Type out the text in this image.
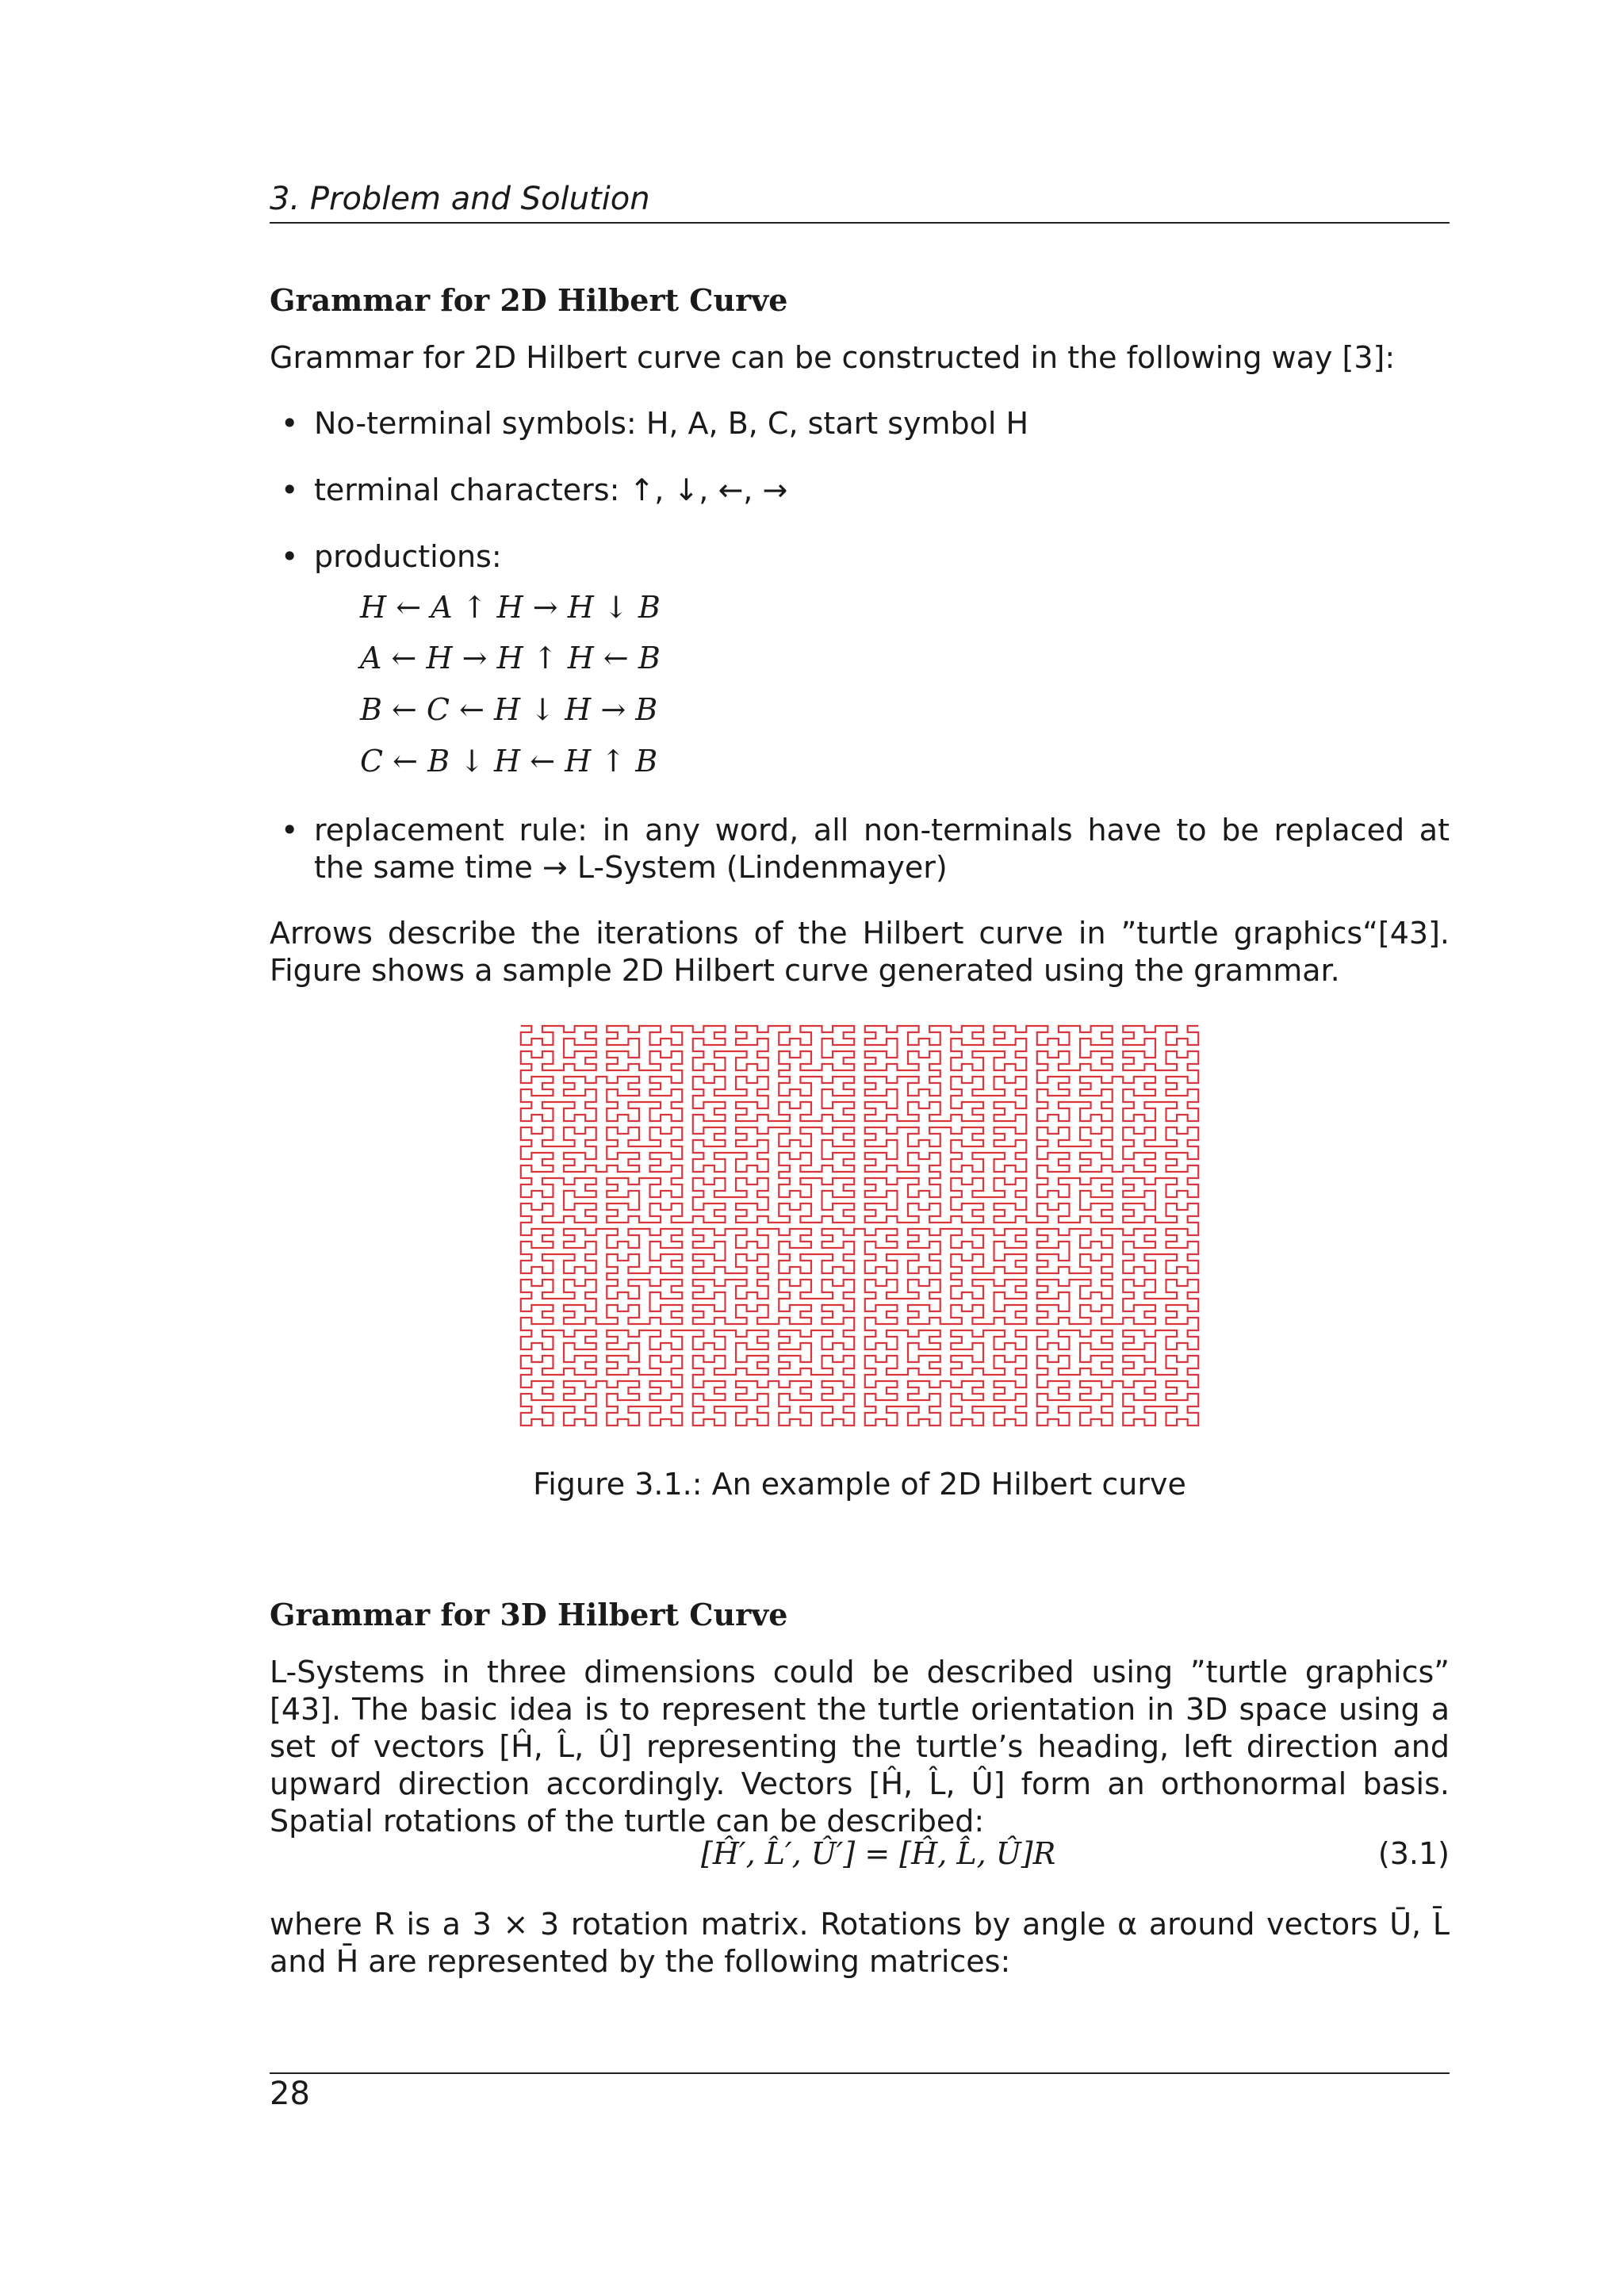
3. Problem and Solution
Grammar for 2D Hilbert Curve
Grammar for 2D Hilbert curve can be constructed in the following way [3]:
• No-terminal symbols: H, A, B, C, start symbol H
• terminal characters: ↑, ↓, ←, →
• productions:
H ← A ↑ H → H ↓ B
A ← H → H ↑ H ← B
B ← C ← H ↓ H → B
C ← B ↓ H ← H ↑ B
• replacement rule: in any word, all non-terminals have to be replaced at the same time → L-System (Lindenmayer)
Arrows describe the iterations of the Hilbert curve in ”turtle graphics“[43]. Figure shows a sample 2D Hilbert curve generated using the grammar.
Figure 3.1.: An example of 2D Hilbert curve
Grammar for 3D Hilbert Curve
L-Systems in three dimensions could be described using ”turtle graphics” [43]. The basic idea is to represent the turtle orientation in 3D space using a set of vectors [Ĥ, L̂, Û] representing the turtle’s heading, left direction and upward direction accordingly. Vectors [Ĥ, L̂, Û] form an orthonormal basis. Spatial rotations of the turtle can be described:
[Ĥ′, L̂′, Û′] = [Ĥ, L̂, Û]R	(3.1)
where R is a 3 × 3 rotation matrix. Rotations by angle α around vectors Ū, L̄ and H̄ are represented by the following matrices:
28
